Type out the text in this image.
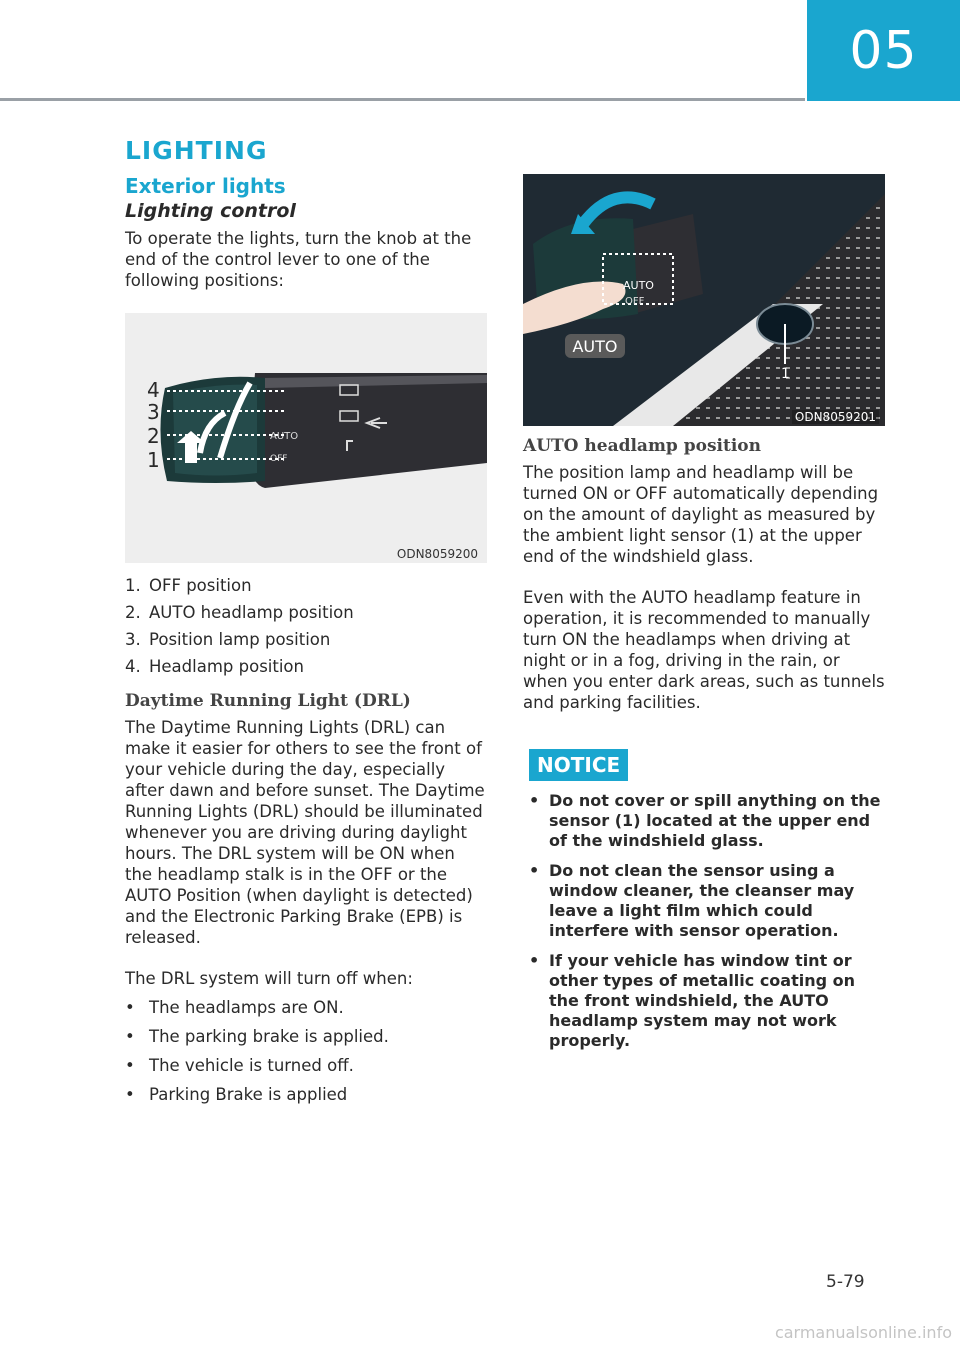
05
LIGHTING
Exterior lights
Lighting control

To operate the lights, turn the knob at the end of the control lever to one of the following positions:

AUTO
OFF
4
3
2
1
ODN8059200
1. OFF position
2. AUTO headlamp position
3. Position lamp position
4. Headlamp position
Daytime Running Light (DRL)

The Daytime Running Lights (DRL) can make it easier for others to see the front of your vehicle during the day, especially after dawn and before sunset. The Daytime Running Lights (DRL) should be illuminated whenever you are driving during daylight hours. The DRL system will be ON when the headlamp stalk is in the OFF or the AUTO Position (when daylight is detected) and the Electronic Parking Brake (EPB) is released.

The DRL system will turn off when:

• The headlamps are ON.
• The parking brake is applied.
• The vehicle is turned off.
• Parking Brake is applied
1
AUTO
OFF
AUTO
ODN8059201
AUTO headlamp position

The position lamp and headlamp will be turned ON or OFF automatically depending on the amount of daylight as measured by the ambient light sensor (1) at the upper end of the windshield glass.

Even with the AUTO headlamp feature in operation, it is recommended to manually turn ON the headlamps when driving at night or in a fog, driving in the rain, or when you enter dark areas, such as tunnels and parking facilities.

NOTICE
• Do not cover or spill anything on the sensor (1) located at the upper end of the windshield glass.
• Do not clean the sensor using a window cleaner, the cleanser may leave a light film which could interfere with sensor operation.
• If your vehicle has window tint or other types of metallic coating on the front windshield, the AUTO headlamp system may not work properly.
5-79
carmanualsonline.info
